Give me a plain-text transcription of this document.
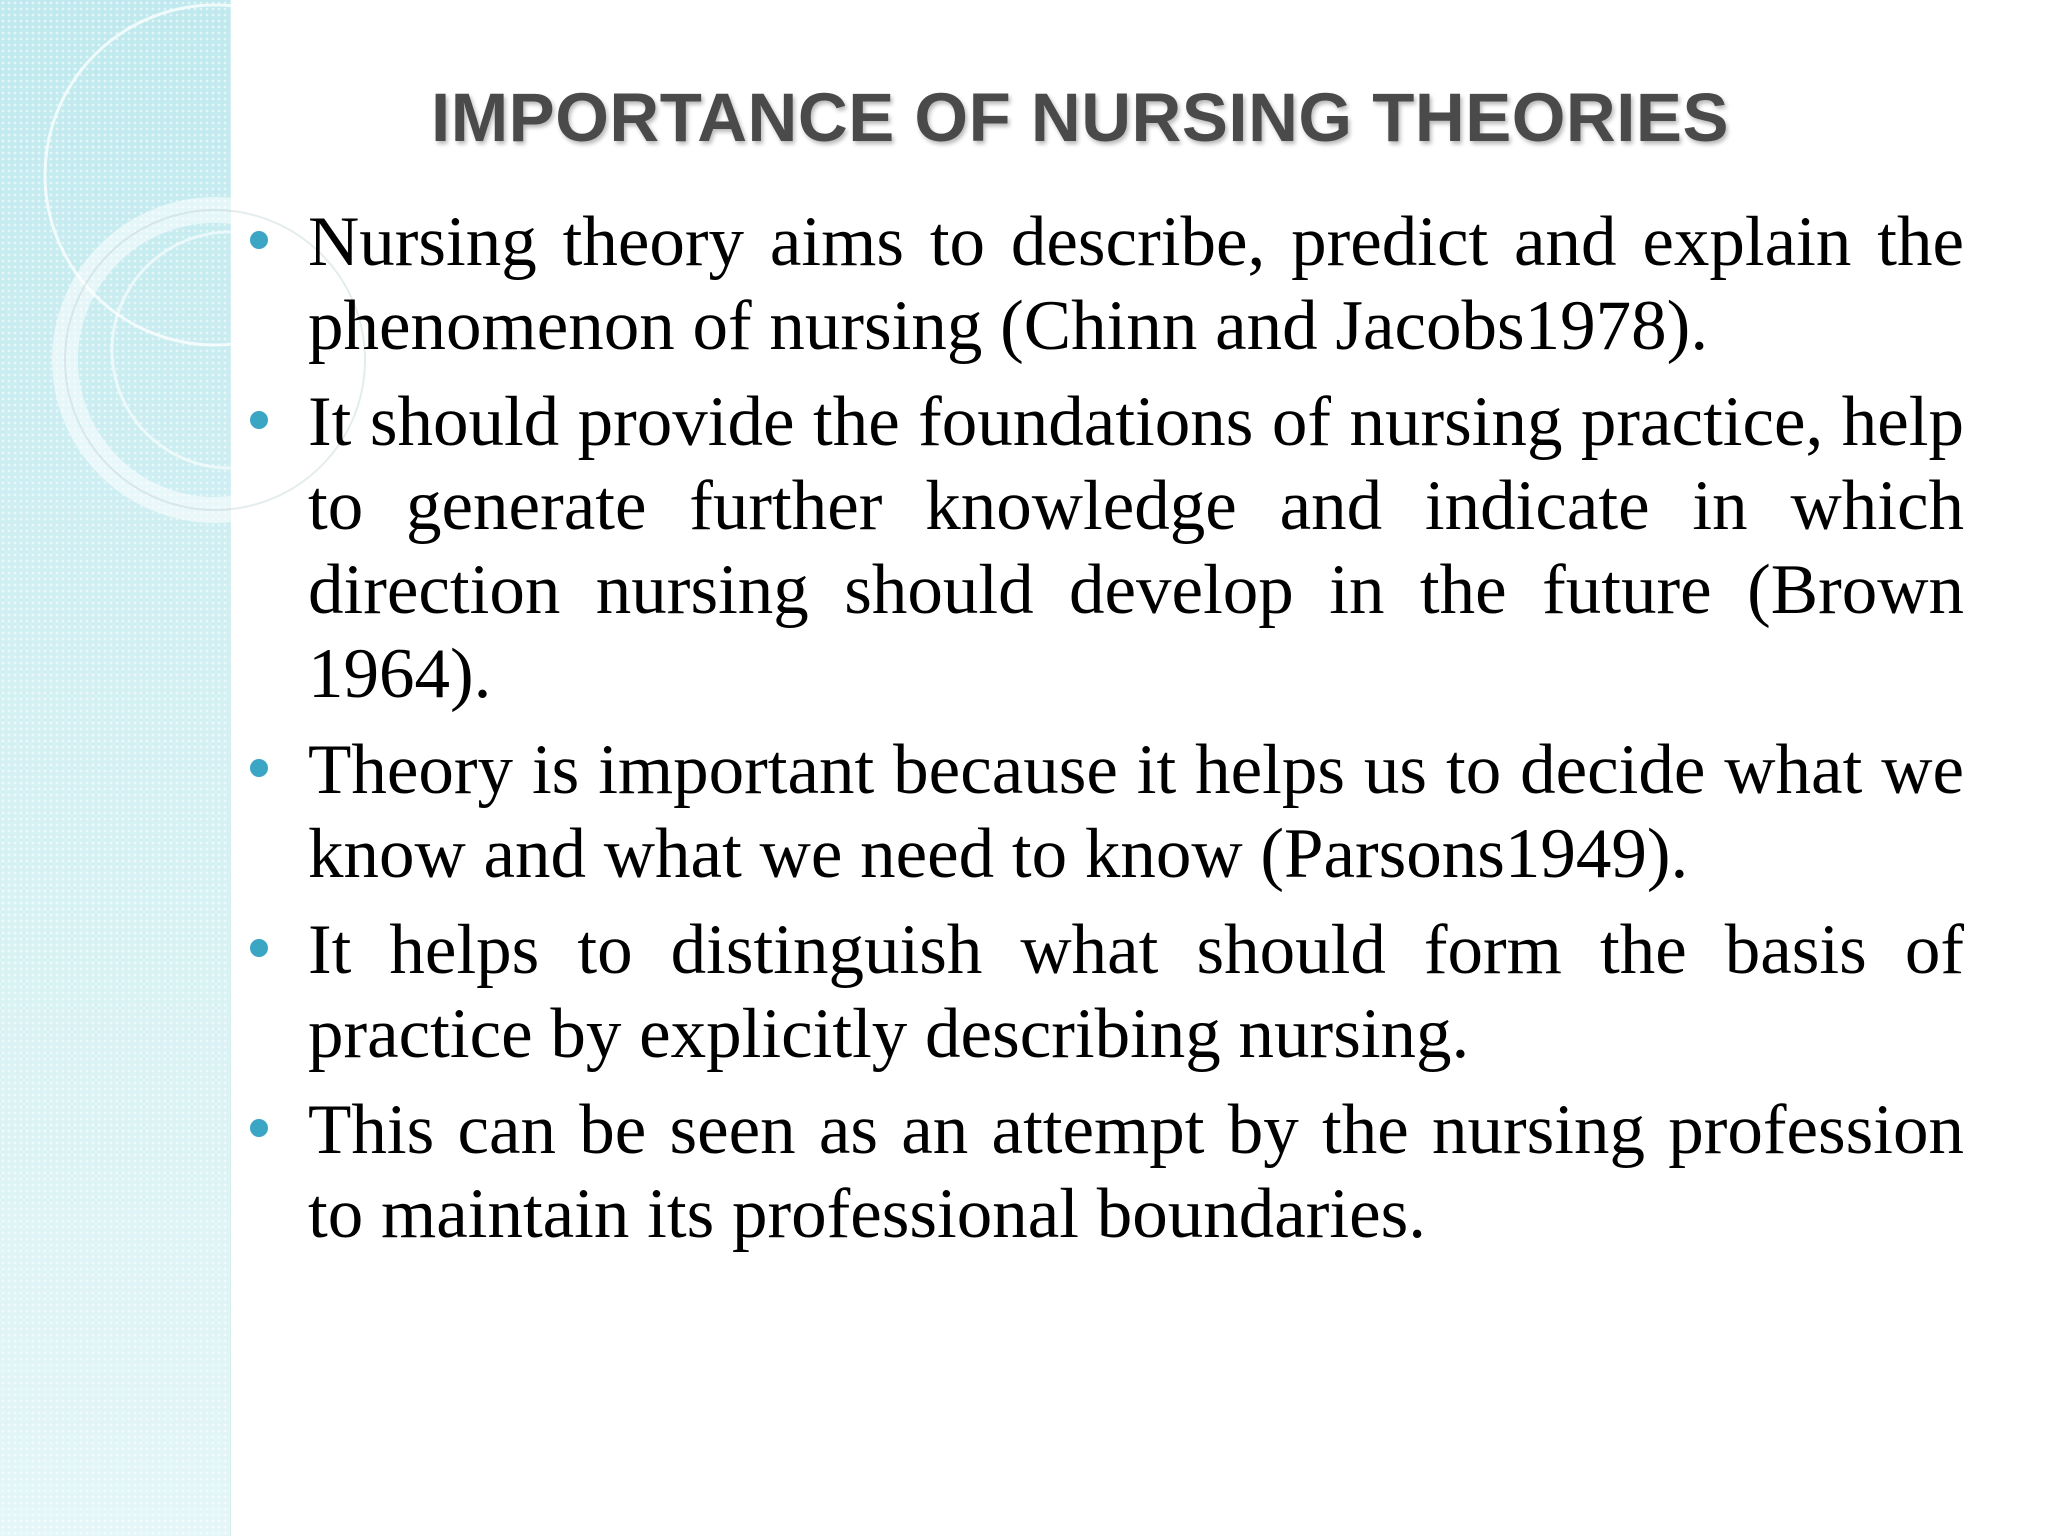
IMPORTANCE OF NURSING THEORIES
Nursing theory aims to describe, predict and explain the phenomenon of nursing (Chinn and Jacobs1978).
It should provide the foundations of nursing practice, help to generate further knowledge and indicate in which direction nursing should develop in the future (Brown 1964).
Theory is important because it helps us to decide what we know and what we need to know (Parsons1949).
It helps to distinguish what should form the basis of practice by explicitly describing nursing.
This can be seen as an attempt by the nursing profession to maintain its professional boundaries.
